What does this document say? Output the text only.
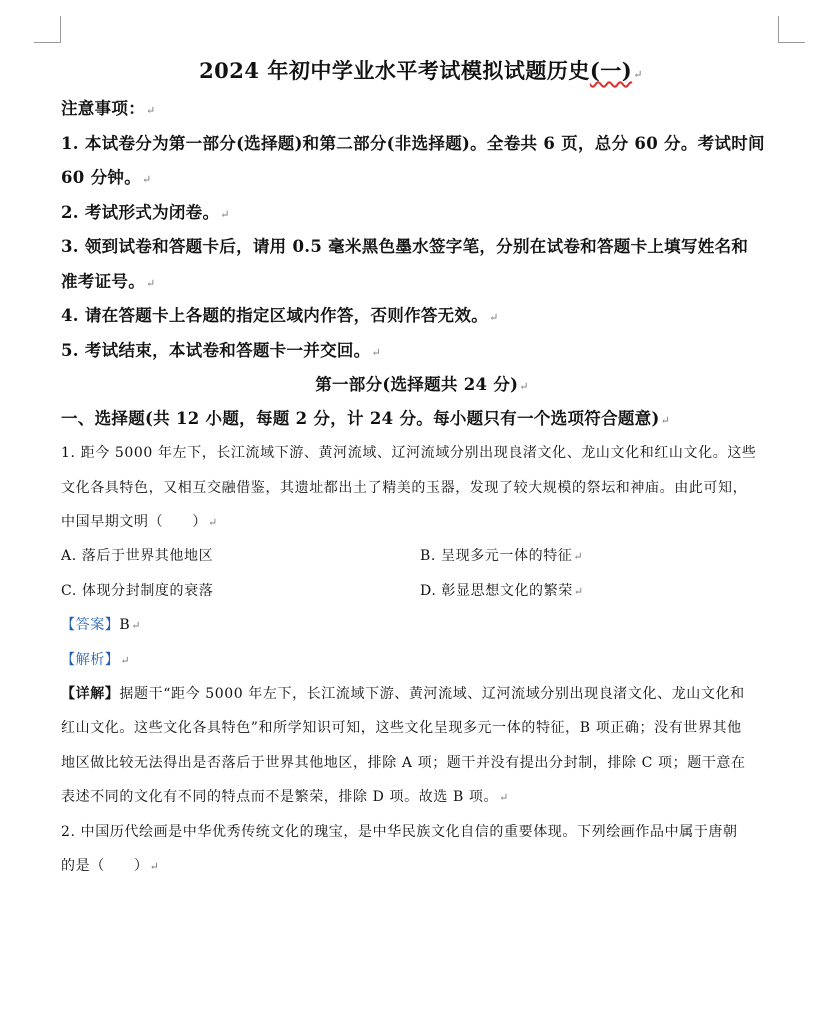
2024 年初中学业水平考试模拟试题历史(一)↵
注意事项：↵
1. 本试卷分为第一部分(选择题)和第二部分(非选择题)。全卷共 6 页，总分 60 分。考试时间
60 分钟。↵
2. 考试形式为闭卷。↵
3. 领到试卷和答题卡后，请用 0.5 毫米黑色墨水签字笔，分别在试卷和答题卡上填写姓名和
准考证号。↵
4. 请在答题卡上各题的指定区域内作答，否则作答无效。↵
5. 考试结束，本试卷和答题卡一并交回。↵
第一部分(选择题共 24 分)↵
一、选择题(共 12 小题，每题 2 分，计 24 分。每小题只有一个选项符合题意)↵
1. 距今 5000 年左下，长江流域下游、黄河流域、辽河流域分别出现良渚文化、龙山文化和红山文化。这些
文化各具特色，又相互交融借鉴，其遗址都出土了精美的玉器，发现了较大规模的祭坛和神庙。由此可知，
中国早期文明（　　）↵
A. 落后于世界其他地区	B. 呈现多元一体的特征↵
C. 体现分封制度的衰落	D. 彰显思想文化的繁荣↵
【答案】B↵
【解析】↵
【详解】据题干“距今 5000 年左下，长江流域下游、黄河流域、辽河流域分别出现良渚文化、龙山文化和
红山文化。这些文化各具特色”和所学知识可知，这些文化呈现多元一体的特征，B 项正确；没有世界其他
地区做比较无法得出是否落后于世界其他地区，排除 A 项；题干并没有提出分封制，排除 C 项；题干意在
表述不同的文化有不同的特点而不是繁荣，排除 D 项。故选 B 项。↵
2. 中国历代绘画是中华优秀传统文化的瑰宝，是中华民族文化自信的重要体现。下列绘画作品中属于唐朝
的是（　　）↵
